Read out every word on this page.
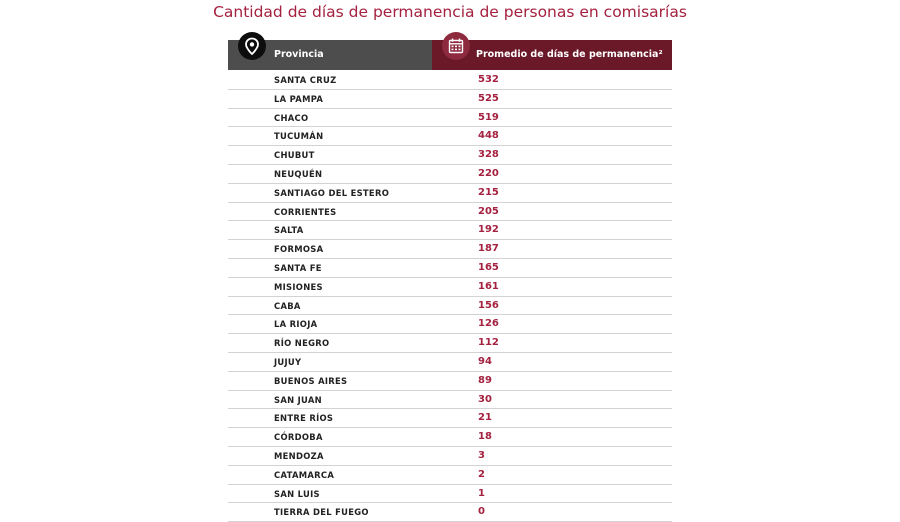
Cantidad de días de permanencia de personas en comisarías
Provincia	Promedio de días de permanencia²
SANTA CRUZ	532
LA PAMPA	525
CHACO	519
TUCUMÁN	448
CHUBUT	328
NEUQUÉN	220
SANTIAGO DEL ESTERO	215
CORRIENTES	205
SALTA	192
FORMOSA	187
SANTA FE	165
MISIONES	161
CABA	156
LA RIOJA	126
RÍO NEGRO	112
JUJUY	94
BUENOS AIRES	89
SAN JUAN	30
ENTRE RÍOS	21
CÓRDOBA	18
MENDOZA	3
CATAMARCA	2
SAN LUIS	1
TIERRA DEL FUEGO	0
